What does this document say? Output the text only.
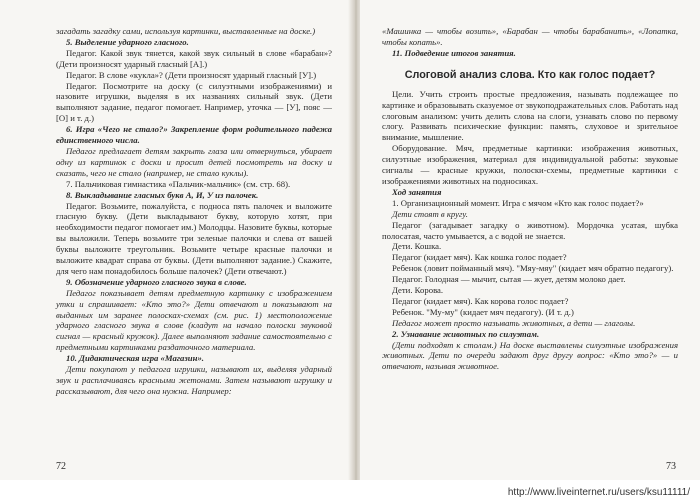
загадать загадку сами, используя картинки, выставленные на доске.)

5. Выделение ударного гласного.

Педагог. Какой звук тянется, какой звук сильный в слове «барабан»? (Дети произносят ударный гласный [А].)

Педагог. В слове «кукла»? (Дети произносят ударный гласный [У].)

Педагог. Посмотрите на доску (с силуэтными изображениями) и назовите игрушки, выделяя в их названиях сильный звук. (Дети выполняют задание, педагог помогает. Например, уточка — [У], пояс — [О] и т. д.)

6. Игра «Чего не стало?» Закрепление форм родительного падежа единственного числа.

Педагог предлагает детям закрыть глаза или отвернуться, убирает одну из картинок с доски и просит детей посмотреть на доску и сказать, чего не стало (например, не стало куклы).

7. Пальчиковая гимнастика «Пальчик-мальчик» (см. стр. 68).

8. Выкладывание гласных букв А, И, У из палочек.

Педагог. Возьмите, пожалуйста, с подноса пять палочек и выложите гласную букву. (Дети выкладывают букву, которую хотят, при необходимости педагог помогает им.) Молодцы. Назовите буквы, которые вы выложили. Теперь возьмите три зеленые палочки и слева от вашей буквы выложите треугольник. Возьмите четыре красные палочки и выложите квадрат справа от буквы. (Дети выполняют задание.) Скажите, для чего нам понадобилось больше палочек? (Дети отвечают.)

9. Обозначение ударного гласного звука в слове.

Педагог показывает детям предметную картинку с изображением утки и спрашивает: «Кто это?» Дети отвечают и показывают на выданных им заранее полосках-схемах (см. рис. 1) местоположение ударного гласного звука в слове (кладут на начало полоски звуковой сигнал — красный кружок). Далее выполняют задание самостоятельно с предметными картинками раздаточного материала.

10. Дидактическая игра «Магазин».

Дети покупают у педагога игрушки, называют их, выделяя ударный звук и расплачиваясь красными жетонами. Затем называют игрушку и рассказывают, для чего она нужна. Например:

72

«Машинка — чтобы возить», «Барабан — чтобы барабанить», «Лопатка, чтобы копать».

11. Подведение итогов занятия.

Слоговой анализ слова. Кто как голос подает?

Цели. Учить строить простые предложения, называть подлежащее по картинке и образовывать сказуемое от звукоподражательных слов. Работать над слоговым анализом: учить делить слова на слоги, узнавать слово по первому слогу. Развивать психические функции: память, слуховое и зрительное внимание, мышление.

Оборудование. Мяч, предметные картинки: изображения животных, силуэтные изображения, материал для индивидуальной работы: звуковые сигналы — красные кружки, полоски-схемы, предметные картинки с изображениями животных на подносиках.

Ход занятия

1. Организационный момент. Игра с мячом «Кто как голос подает?»

Дети стоят в кругу.

Педагог (загадывает загадку о животном). Мордочка усатая, шубка полосатая, часто умывается, а с водой не знается.

Дети. Кошка.

Педагог (кидает мяч). Как кошка голос подает?

Ребенок (ловит пойманный мяч). "Мяу-мяу" (кидает мяч обратно педагогу).

Педагог. Голодная — мычит, сытая — жует, детям молоко дает.

Дети. Корова.

Педагог (кидает мяч). Как корова голос подает?

Ребенок. "Му-му" (кидает мяч педагогу). (И т. д.)

Педагог может просто называть животных, а дети — глаголы.

2. Узнавание животных по силуэтам.

(Дети подходят к столам.) На доске выставлены силуэтные изображения животных. Дети по очереди задают друг другу вопрос: «Кто это?» — и отвечают, называя животное.

73
http://www.liveinternet.ru/users/ksu11111/
